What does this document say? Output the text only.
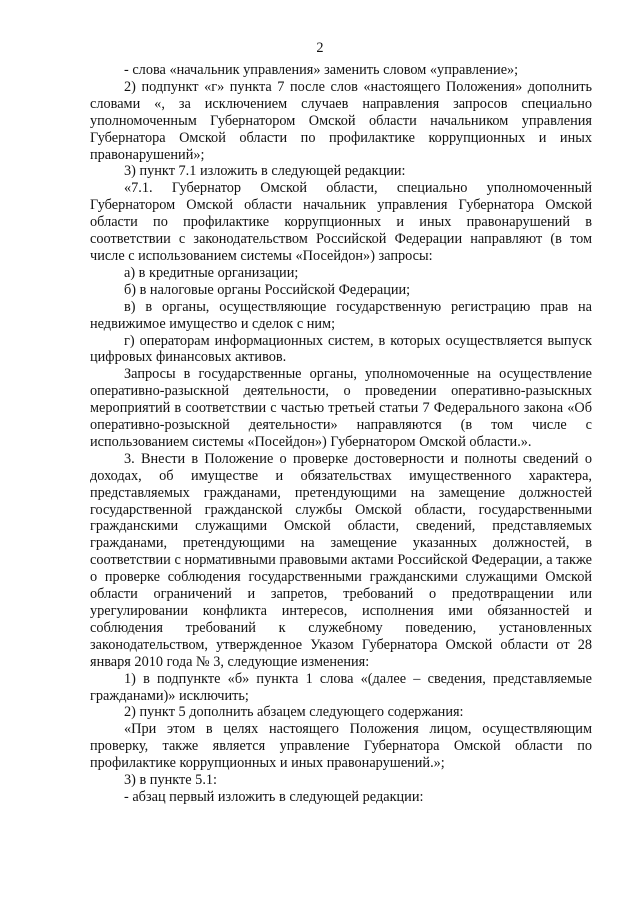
2

- слова «начальник управления» заменить словом «управление»;

2) подпункт «г» пункта 7 после слов «настоящего Положения» дополнить словами «, за исключением случаев направления запросов специально уполномоченным Губернатором Омской области начальником управления Губернатора Омской области по профилактике коррупционных и иных правонарушений»;

3) пункт 7.1 изложить в следующей редакции:

«7.1. Губернатор Омской области, специально уполномоченный Губернатором Омской области начальник управления Губернатора Омской области по профилактике коррупционных и иных правонарушений в соответствии с законодательством Российской Федерации направляют (в том числе с использованием системы «Посейдон») запросы:

а) в кредитные организации;

б) в налоговые органы Российской Федерации;

в) в органы, осуществляющие государственную регистрацию прав на недвижимое имущество и сделок с ним;

г) операторам информационных систем, в которых осуществляется выпуск цифровых финансовых активов.

Запросы в государственные органы, уполномоченные на осуществление оперативно-разыскной деятельности, о проведении оперативно-разыскных мероприятий в соответствии с частью третьей статьи 7 Федерального закона «Об оперативно-розыскной деятельности» направляются (в том числе с использованием системы «Посейдон») Губернатором Омской области.».

3. Внести в Положение о проверке достоверности и полноты сведений о доходах, об имуществе и обязательствах имущественного характера, представляемых гражданами, претендующими на замещение должностей государственной гражданской службы Омской области, государственными гражданскими служащими Омской области, сведений, представляемых гражданами, претендующими на замещение указанных должностей, в соответствии с нормативными правовыми актами Российской Федерации, а также о проверке соблюдения государственными гражданскими служащими Омской области ограничений и запретов, требований о предотвращении или урегулировании конфликта интересов, исполнения ими обязанностей и соблюдения требований к служебному поведению, установленных законодательством, утвержденное Указом Губернатора Омской области от 28 января 2010 года № 3, следующие изменения:

1) в подпункте «б» пункта 1 слова «(далее – сведения, представляемые гражданами)» исключить;

2) пункт 5 дополнить абзацем следующего содержания:

«При этом в целях настоящего Положения лицом, осуществляющим проверку, также является управление Губернатора Омской области по профилактике коррупционных и иных правонарушений.»;

3) в пункте 5.1:

- абзац первый изложить в следующей редакции:
